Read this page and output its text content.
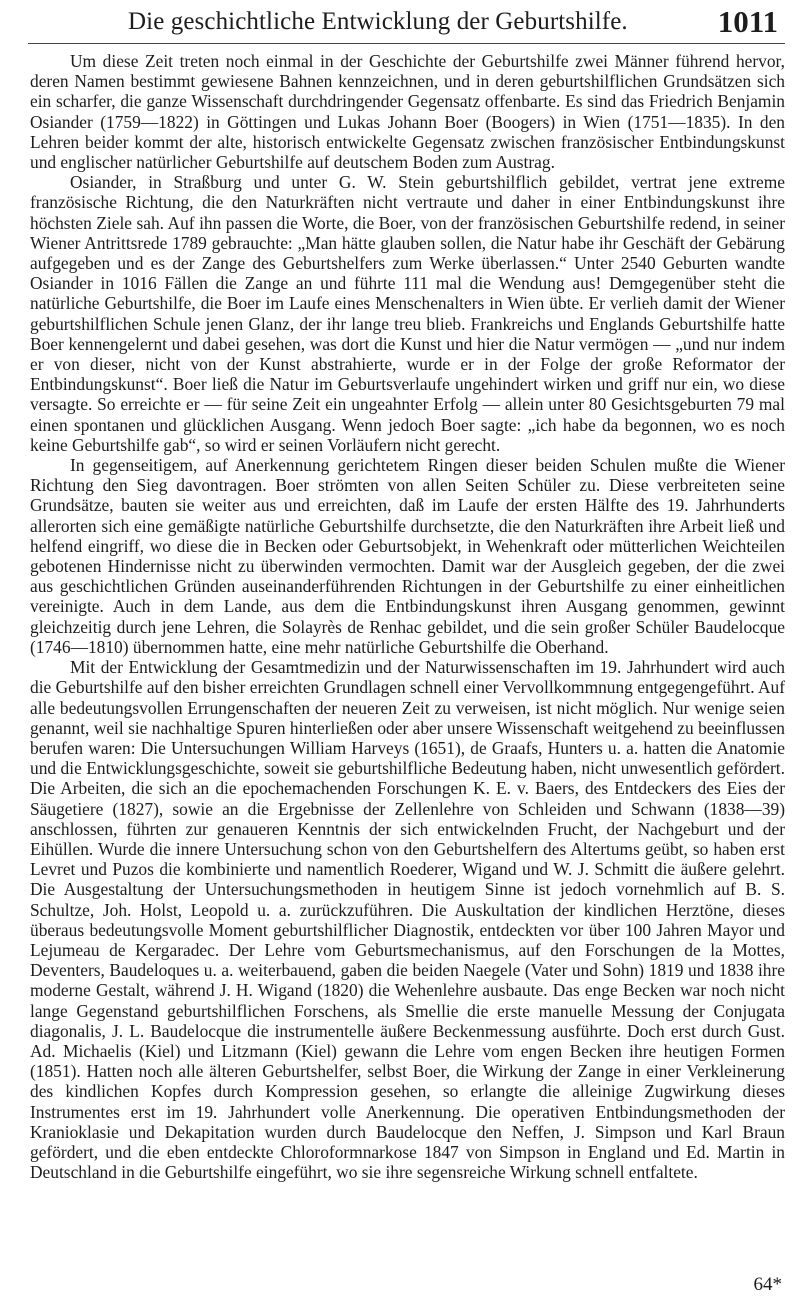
Die geschichtliche Entwicklung der Geburtshilfe.	1011

Um diese Zeit treten noch einmal in der Geschichte der Geburtshilfe zwei Männer führend hervor, deren Namen bestimmt gewiesene Bahnen kennzeichnen, und in deren geburtshilflichen Grundsätzen sich ein scharfer, die ganze Wissenschaft durchdringender Gegensatz offenbarte. Es sind das Friedrich Benjamin Osiander (1759—1822) in Göttingen und Lukas Johann Boer (Boogers) in Wien (1751—1835). In den Lehren beider kommt der alte, historisch entwickelte Gegensatz zwischen französischer Entbindungskunst und englischer natürlicher Geburtshilfe auf deutschem Boden zum Austrag.

Osiander, in Straßburg und unter G. W. Stein geburtshilflich gebildet, vertrat jene extreme französische Richtung, die den Naturkräften nicht vertraute und daher in einer Entbindungskunst ihre höchsten Ziele sah. Auf ihn passen die Worte, die Boer, von der französischen Geburtshilfe redend, in seiner Wiener Antrittsrede 1789 gebrauchte: „Man hätte glauben sollen, die Natur habe ihr Geschäft der Gebärung aufgegeben und es der Zange des Geburtshelfers zum Werke überlassen.“ Unter 2540 Geburten wandte Osiander in 1016 Fällen die Zange an und führte 111 mal die Wendung aus! Demgegenüber steht die natürliche Geburtshilfe, die Boer im Laufe eines Menschenalters in Wien übte. Er verlieh damit der Wiener geburtshilflichen Schule jenen Glanz, der ihr lange treu blieb. Frankreichs und Englands Geburtshilfe hatte Boer kennengelernt und dabei gesehen, was dort die Kunst und hier die Natur vermögen — „und nur indem er von dieser, nicht von der Kunst abstrahierte, wurde er in der Folge der große Reformator der Entbindungskunst“. Boer ließ die Natur im Geburtsverlaufe ungehindert wirken und griff nur ein, wo diese versagte. So erreichte er — für seine Zeit ein ungeahnter Erfolg — allein unter 80 Gesichtsgeburten 79 mal einen spontanen und glücklichen Ausgang. Wenn jedoch Boer sagte: „ich habe da begonnen, wo es noch keine Geburtshilfe gab“, so wird er seinen Vorläufern nicht gerecht.

In gegenseitigem, auf Anerkennung gerichtetem Ringen dieser beiden Schulen mußte die Wiener Richtung den Sieg davontragen. Boer strömten von allen Seiten Schüler zu. Diese verbreiteten seine Grundsätze, bauten sie weiter aus und erreichten, daß im Laufe der ersten Hälfte des 19. Jahrhunderts allerorten sich eine gemäßigte natürliche Geburtshilfe durchsetzte, die den Naturkräften ihre Arbeit ließ und helfend eingriff, wo diese die in Becken oder Geburtsobjekt, in Wehenkraft oder mütterlichen Weichteilen gebotenen Hindernisse nicht zu überwinden vermochten. Damit war der Ausgleich gegeben, der die zwei aus geschichtlichen Gründen auseinanderführenden Richtungen in der Geburtshilfe zu einer einheitlichen vereinigte. Auch in dem Lande, aus dem die Entbindungskunst ihren Ausgang genommen, gewinnt gleichzeitig durch jene Lehren, die Solayrès de Renhac gebildet, und die sein großer Schüler Baudelocque (1746—1810) übernommen hatte, eine mehr natürliche Geburtshilfe die Oberhand.

Mit der Entwicklung der Gesamtmedizin und der Naturwissenschaften im 19. Jahrhundert wird auch die Geburtshilfe auf den bisher erreichten Grundlagen schnell einer Vervollkommnung entgegengeführt. Auf alle bedeutungsvollen Errungenschaften der neueren Zeit zu verweisen, ist nicht möglich. Nur wenige seien genannt, weil sie nachhaltige Spuren hinterließen oder aber unsere Wissenschaft weitgehend zu beeinflussen berufen waren: Die Untersuchungen William Harveys (1651), de Graafs, Hunters u. a. hatten die Anatomie und die Entwicklungsgeschichte, soweit sie geburtshilfliche Bedeutung haben, nicht unwesentlich gefördert. Die Arbeiten, die sich an die epochemachenden Forschungen K. E. v. Baers, des Entdeckers des Eies der Säugetiere (1827), sowie an die Ergebnisse der Zellenlehre von Schleiden und Schwann (1838—39) anschlossen, führten zur genaueren Kenntnis der sich entwickelnden Frucht, der Nachgeburt und der Eihüllen. Wurde die innere Untersuchung schon von den Geburtshelfern des Altertums geübt, so haben erst Levret und Puzos die kombinierte und namentlich Roederer, Wigand und W. J. Schmitt die äußere gelehrt. Die Ausgestaltung der Untersuchungsmethoden in heutigem Sinne ist jedoch vornehmlich auf B. S. Schultze, Joh. Holst, Leopold u. a. zurückzuführen. Die Auskultation der kindlichen Herztöne, dieses überaus bedeutungsvolle Moment geburtshilflicher Diagnostik, entdeckten vor über 100 Jahren Mayor und Lejumeau de Kergaradec. Der Lehre vom Geburtsmechanismus, auf den Forschungen de la Mottes, Deventers, Baudeloques u. a. weiterbauend, gaben die beiden Naegele (Vater und Sohn) 1819 und 1838 ihre moderne Gestalt, während J. H. Wigand (1820) die Wehenlehre ausbaute. Das enge Becken war noch nicht lange Gegenstand geburtshilflichen Forschens, als Smellie die erste manuelle Messung der Conjugata diagonalis, J. L. Baudelocque die instrumentelle äußere Beckenmessung ausführte. Doch erst durch Gust. Ad. Michaelis (Kiel) und Litzmann (Kiel) gewann die Lehre vom engen Becken ihre heutigen Formen (1851). Hatten noch alle älteren Geburtshelfer, selbst Boer, die Wirkung der Zange in einer Verkleinerung des kindlichen Kopfes durch Kompression gesehen, so erlangte die alleinige Zugwirkung dieses Instrumentes erst im 19. Jahrhundert volle Anerkennung. Die operativen Entbindungsmethoden der Kranioklasie und Dekapitation wurden durch Baudelocque den Neffen, J. Simpson und Karl Braun gefördert, und die eben entdeckte Chloroformnarkose 1847 von Simpson in England und Ed. Martin in Deutschland in die Geburtshilfe eingeführt, wo sie ihre segensreiche Wirkung schnell entfaltete.

64*
